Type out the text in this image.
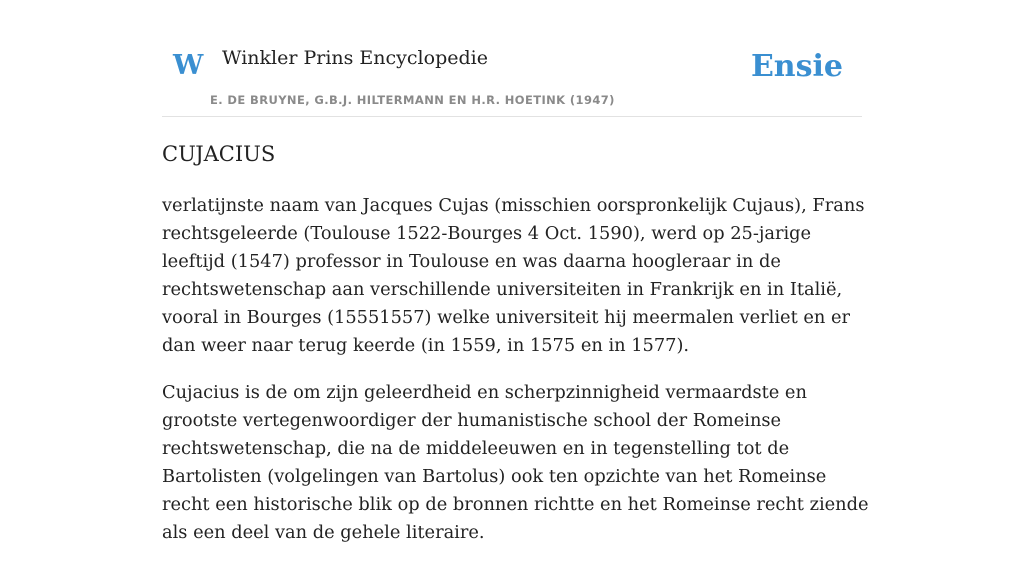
W Winkler Prins Encyclopedie
E. DE BRUYNE, G.B.J. HILTERMANN EN H.R. HOETINK (1947)
Ensie
CUJACIUS

verlatijnste naam van Jacques Cujas (misschien oorspronkelijk Cujaus), Frans rechtsgeleerde (Toulouse 1522-Bourges 4 Oct. 1590), werd op 25-jarige leeftijd (1547) professor in Toulouse en was daarna hoogleraar in de rechtswetenschap aan verschillende universiteiten in Frankrijk en in Italië, vooral in Bourges (15551557) welke universiteit hij meermalen verliet en er dan weer naar terug keerde (in 1559, in 1575 en in 1577).

Cujacius is de om zijn geleerdheid en scherpzinnigheid vermaardste en grootste vertegenwoordiger der humanistische school der Romeinse rechtswetenschap, die na de middeleeuwen en in tegenstelling tot de Bartolisten (volgelingen van Bartolus) ook ten opzichte van het Romeinse recht een historische blik op de bronnen richtte en het Romeinse recht ziende als een deel van de gehele literaire.
